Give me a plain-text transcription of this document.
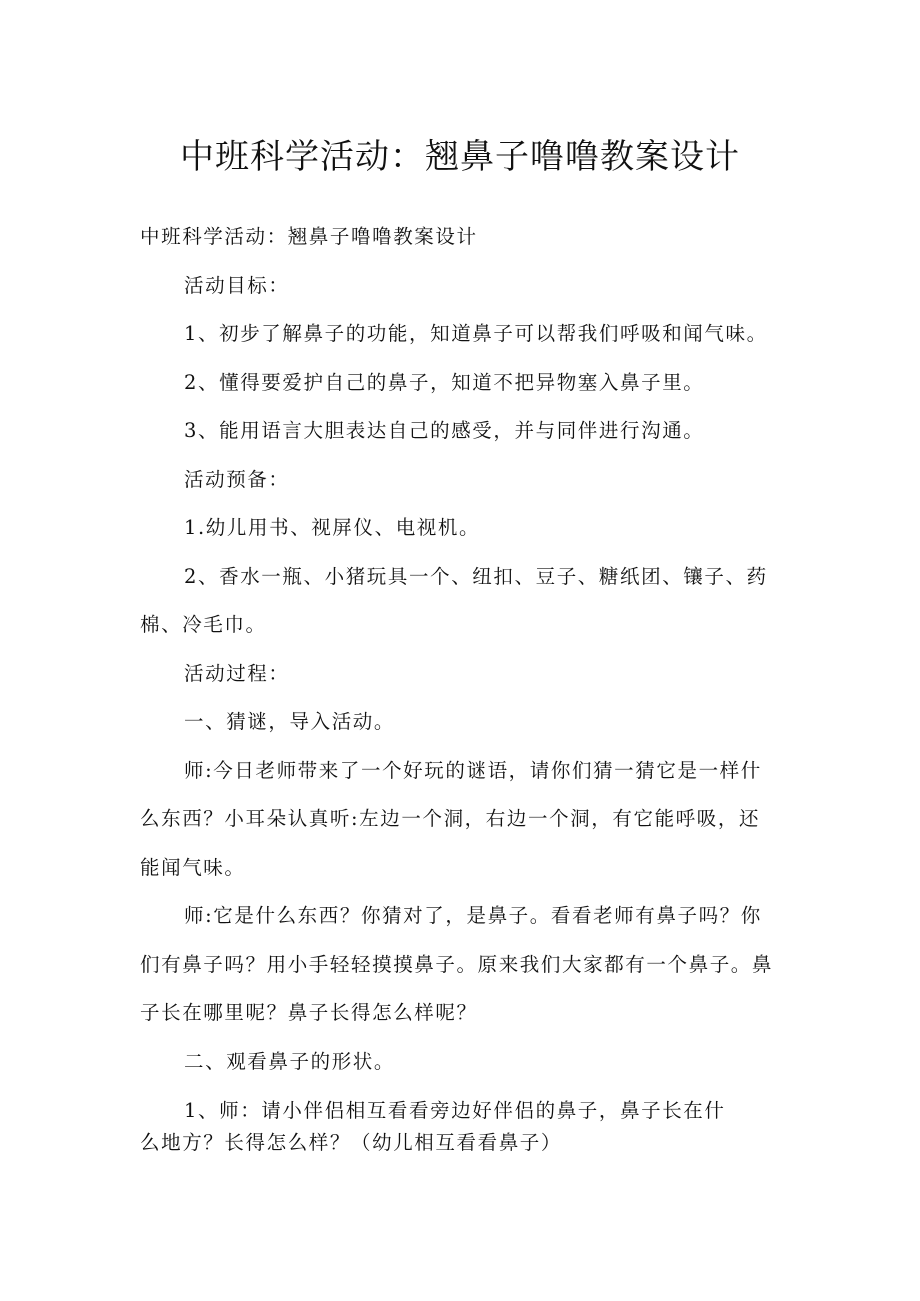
中班科学活动：翘鼻子噜噜教案设计

中班科学活动：翘鼻子噜噜教案设计

活动目标：

1、初步了解鼻子的功能，知道鼻子可以帮我们呼吸和闻气味。

2、懂得要爱护自己的鼻子，知道不把异物塞入鼻子里。

3、能用语言大胆表达自己的感受，并与同伴进行沟通。

活动预备：

1.幼儿用书、视屏仪、电视机。

2、香水一瓶、小猪玩具一个、纽扣、豆子、糖纸团、镶子、药

棉、冷毛巾。

活动过程：

一、猜谜，导入活动。

师:今日老师带来了一个好玩的谜语，请你们猜一猜它是一样什

么东西？小耳朵认真听:左边一个洞，右边一个洞，有它能呼吸，还

能闻气味。

师:它是什么东西？你猜对了，是鼻子。看看老师有鼻子吗？你

们有鼻子吗？用小手轻轻摸摸鼻子。原来我们大家都有一个鼻子。鼻

子长在哪里呢？鼻子长得怎么样呢？

二、观看鼻子的形状。

1、师：请小伴侣相互看看旁边好伴侣的鼻子，鼻子长在什

么地方？长得怎么样？（幼儿相互看看鼻子）
